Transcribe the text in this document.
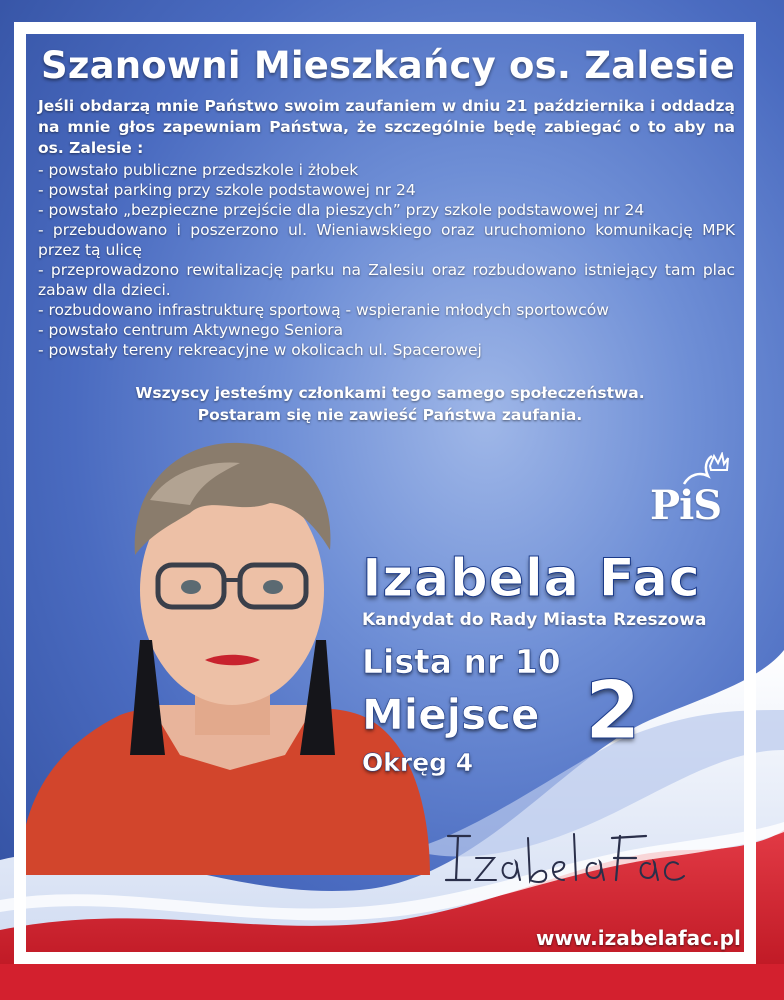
Szanowni Mieszkańcy os. Zalesie

Jeśli obdarzą mnie Państwo swoim zaufaniem w dniu 21 października i oddadzą na mnie głos zapewniam Państwa, że szczególnie będę zabiegać o to aby na os. Zalesie :

- powstało publiczne przedszkole i żłobek
- powstał parking przy szkole podstawowej nr 24
- powstało „bezpieczne przejście dla pieszych” przy szkole podstawowej nr 24
- przebudowano i poszerzono ul. Wieniawskiego oraz uruchomiono komunikację MPK przez tą ulicę
- przeprowadzono rewitalizację parku na Zalesiu oraz rozbudowano istniejący tam plac zabaw dla dzieci.
- rozbudowano infrastrukturę sportową - wspieranie młodych sportowców
- powstało centrum Aktywnego Seniora
- powstały tereny rekreacyjne w okolicach ul. Spacerowej

Wszyscy jesteśmy członkami tego samego społeczeństwa.
Postaram się nie zawieść Państwa zaufania.

PiS
Izabela Fac

Kandydat do Rady Miasta Rzeszowa

Lista nr 10

Miejsce 2

Okręg 4

www.izabelafac.pl
